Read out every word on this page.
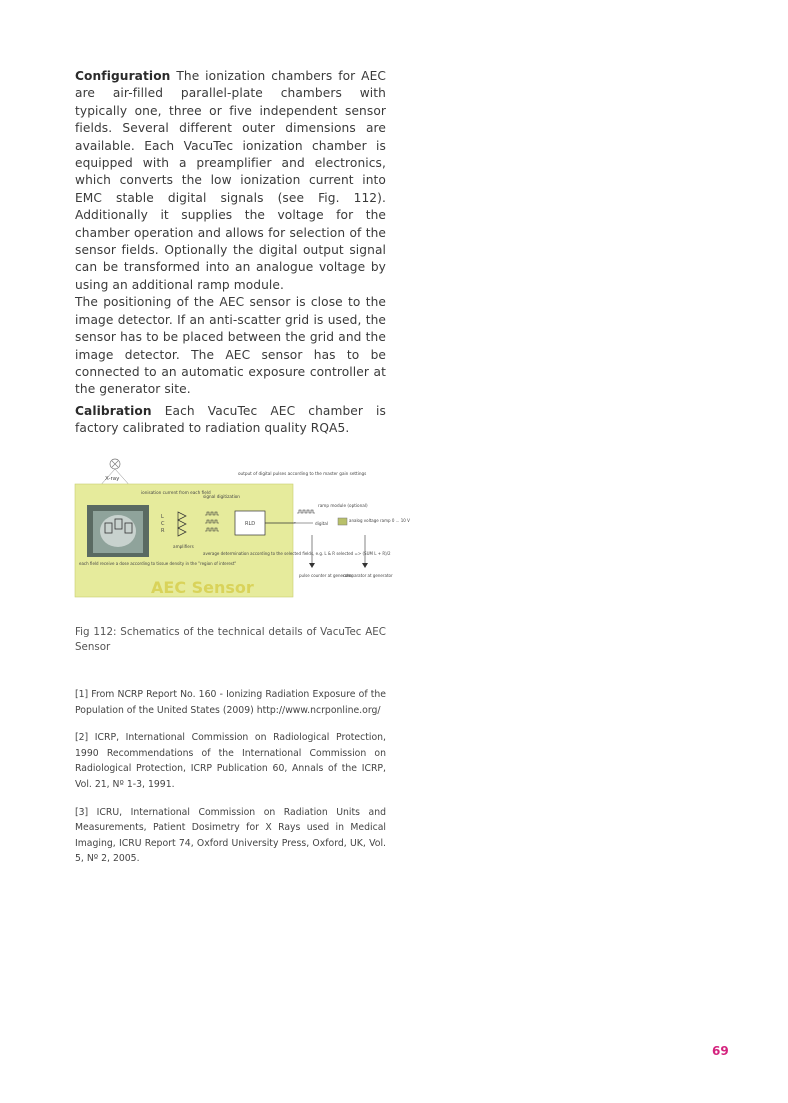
Configuration The ionization chambers for AEC are air-filled parallel-plate chambers with typically one, three or five independent sensor fields. Several different outer dimensions are available. Each VacuTec ionization chamber is equipped with a preamplifier and electronics, which converts the low ionization current into EMC stable digital signals (see Fig. 112). Additionally it supplies the voltage for the chamber operation and allows for selection of the sensor fields. Optionally the digital output signal can be transformed into an analogue voltage by using an additional ramp module.

The positioning of the AEC sensor is close to the image detector. If an anti-scatter grid is used, the sensor has to be placed between the grid and the image detector. The AEC sensor has to be connected to an automatic exposure controller at the generator site.

Calibration Each VacuTec AEC chamber is factory calibrated to radiation quality RQA5.

X-ray
ionisation current from each field
signal digitization
L
C
R
amplifiers
RLD
output of digital pulses according to the master gain settings
ramp module (optional)
digital
analog voltage ramp 0 ... 10 V
pulse counter at generator
comparator at generator
average determination according to the selected fields, e.g. L & R selected => (SUM L + R)/2
each field receive a dose according to tissue density in the "region of interest"
AEC Sensor

Fig 112: Schematics of the technical details of VacuTec AEC Sensor

[1] From NCRP Report No. 160 - Ionizing Radiation Exposure of the Population of the United States (2009) http://www.ncrponline.org/

[2] ICRP, International Commission on Radiological Protection, 1990 Recommendations of the International Commission on Radiological Protection, ICRP Publication 60, Annals of the ICRP, Vol. 21, Nº 1-3, 1991.

[3] ICRU, International Commission on Radiation Units and Measurements, Patient Dosimetry for X Rays used in Medical Imaging, ICRU Report 74, Oxford University Press, Oxford, UK, Vol. 5, Nº 2, 2005.

69
